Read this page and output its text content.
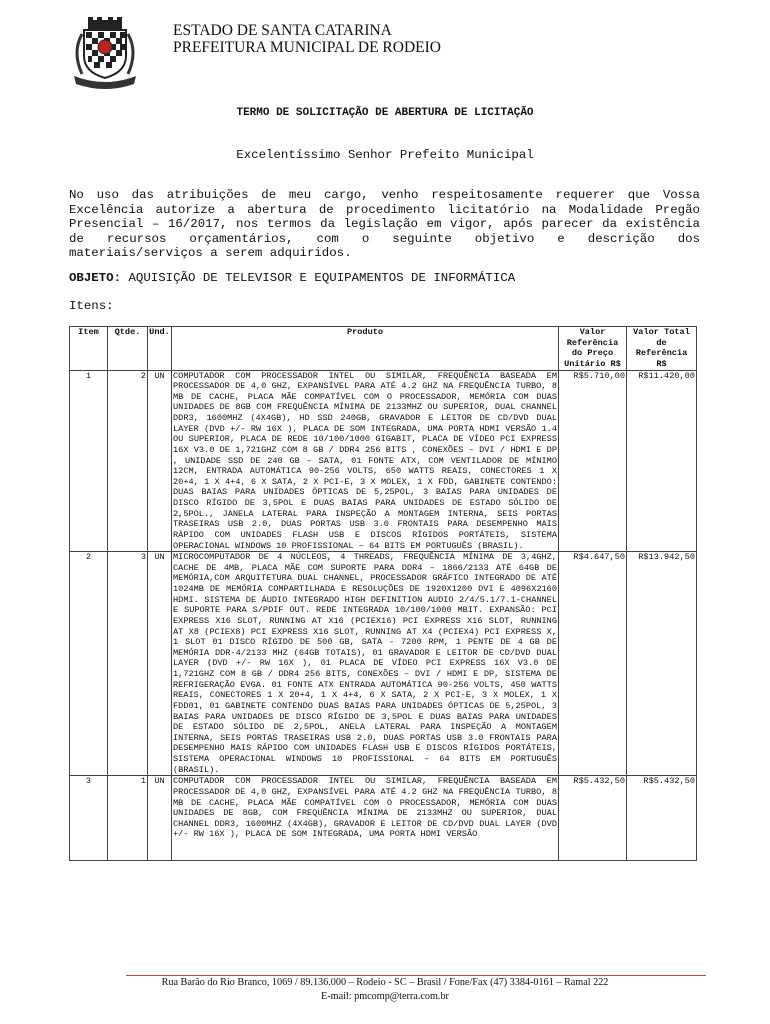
ESTADO DE SANTA CATARINA
PREFEITURA MUNICIPAL DE RODEIO
TERMO DE SOLICITAÇÃO DE ABERTURA DE LICITAÇÃO
Excelentíssimo Senhor Prefeito Municipal

No uso das atribuições de meu cargo, venho respeitosamente requerer que Vossa Excelência autorize a abertura de procedimento licitatório na Modalidade Pregão Presencial – 16/2017, nos termos da legislação em vigor, após parecer da existência de recursos orçamentários, com o seguinte objetivo e descrição dos materiais/serviços a serem adquiridos.

OBJETO: AQUISIÇÃO DE TELEVISOR E EQUIPAMENTOS DE INFORMÁTICA
Itens:
Item	Qtde.	Und.	Produto	Valor Referência do Preço Unitário R$	Valor Total de Referência R$
1	2	UN	COMPUTADOR COM PROCESSADOR INTEL OU SIMILAR, FREQUÊNCIA BASEADA EM PROCESSADOR DE 4,0 GHZ, EXPANSÍVEL PARA ATÉ 4.2 GHZ NA FREQUÊNCIA TURBO, 8 MB DE CACHE, PLACA MÃE COMPATÍVEL COM O PROCESSADOR, MEMÓRIA COM DUAS UNIDADES DE 8GB COM FREQUÊNCIA MÍNIMA DE 2133MHZ OU SUPERIOR, DUAL CHANNEL DDR3, 1600MHZ (4X4GB), HD SSD 240GB, GRAVADOR E LEITOR DE CD/DVD DUAL LAYER (DVD +/- RW 16X ), PLACA DE SOM INTEGRADA, UMA PORTA HDMI VERSÃO 1.4 OU SUPERIOR, PLACA DE REDE 10/100/1000 GIGABIT, PLACA DE VÍDEO PCI EXPRESS 16X V3.0 DE 1,721GHZ COM 8 GB / DDR4 256 BITS , CONEXÕES – DVI / HDMI E DP , UNIDADE SSD DE 240 GB – SATA, 01 FONTE ATX, COM VENTILADOR DE MÍNIMO 12CM, ENTRADA AUTOMÁTICA 90-256 VOLTS, 650 WATTS REAIS, CONECTORES 1 X 20+4, 1 X 4+4, 6 X SATA, 2 X PCI-E, 3 X MOLEX, 1 X FDD, GABINETE CONTENDO: DUAS BAIAS PARA UNIDADES ÓPTICAS DE 5,25POL, 3 BAIAS PARA UNIDADES DE DISCO RÍGIDO DE 3,5POL E DUAS BAIAS PARA UNIDADES DE ESTADO SÓLIDO DE 2,5POL., JANELA LATERAL PARA INSPEÇÃO A MONTAGEM INTERNA, SEIS PORTAS TRASEIRAS USB 2.0, DUAS PORTAS USB 3.0 FRONTAIS PARA DESEMPENHO MAIS RÁPIDO COM UNIDADES FLASH USB E DISCOS RÍGIDOS PORTÁTEIS, SISTEMA OPERACIONAL WINDOWS 10 PROFISSIONAL – 64 BITS EM PORTUGUÊS (BRASIL).	R$5.710,00	R$11.420,00
2	3	UN	MICROCOMPUTADOR DE 4 NÚCLEOS, 4 THREADS, FREQUÊNCIA MÍNIMA DE 3,4GHZ, CACHE DE 4MB, PLACA MÃE COM SUPORTE PARA DDR4 – 1866/2133 ATÉ 64GB DE MEMÓRIA,COM ARQUITETURA DUAL CHANNEL, PROCESSADOR GRÁFICO INTEGRADO DE ATÉ 1024MB DE MEMÓRIA COMPARTILHADA E RESOLUÇÕES DE 1920X1200 DVI E 4096X2160 HDMI. SISTEMA DE ÁUDIO INTEGRADO HIGH DEFINITION AUDIO 2/4/5.1/7.1-CHANNEL E SUPORTE PARA S/PDIF OUT. REDE INTEGRADA 10/100/1000 MBIT. EXPANSÃO: PCI EXPRESS X16 SLOT, RUNNING AT X16 (PCIEX16) PCI EXPRESS X16 SLOT, RUNNING AT X8 (PCIEX8) PCI EXPRESS X16 SLOT, RUNNING AT X4 (PCIEX4) PCI EXPRESS X, 1 SLOT 01 DISCO RÍGIDO DE 500 GB, SATA - 7200 RPM, 1 PENTE DE 4 GB DE MEMÓRIA DDR-4/2133 MHZ (64GB TOTAIS), 01 GRAVADOR E LEITOR DE CD/DVD DUAL LAYER (DVD +/- RW 16X ), 01 PLACA DE VÍDEO PCI EXPRESS 16X V3.0 DE 1,721GHZ COM 8 GB / DDR4 256 BITS, CONEXÕES – DVI / HDMI E DP, SISTEMA DE REFRIGERAÇÃO EVGA. 01 FONTE ATX ENTRADA AUTOMÁTICA 90-256 VOLTS, 450 WATTS REAIS, CONECTORES 1 X 20+4, 1 X 4+4, 6 X SATA, 2 X PCI-E, 3 X MOLEX, 1 X FDD01, 01 GABINETE CONTENDO DUAS BAIAS PARA UNIDADES ÓPTICAS DE 5,25POL, 3 BAIAS PARA UNIDADES DE DISCO RÍGIDO DE 3,5POL E DUAS BAIAS PARA UNIDADES DE ESTADO SÓLIDO DE 2,5POL, ANELA LATERAL PARA INSPEÇÃO A MONTAGEM INTERNA, SEIS PORTAS TRASEIRAS USB 2.0, DUAS PORTAS USB 3.0 FRONTAIS PARA DESEMPENHO MAIS RÁPIDO COM UNIDADES FLASH USB E DISCOS RÍGIDOS PORTÁTEIS, SISTEMA OPERACIONAL WINDOWS 10 PROFISSIONAL – 64 BITS EM PORTUGUÊS (BRASIL).	R$4.647,50	R$13.942,50
3	1	UN	COMPUTADOR COM PROCESSADOR INTEL OU SIMILAR, FREQUÊNCIA BASEADA EM PROCESSADOR DE 4,0 GHZ, EXPANSÍVEL PARA ATÉ 4.2 GHZ NA FREQUÊNCIA TURBO, 8 MB DE CACHE, PLACA MÃE COMPATÍVEL COM O PROCESSADOR, MEMÓRIA COM DUAS UNIDADES DE 8GB, COM FREQUÊNCIA MÍNIMA DE 2133MHZ OU SUPERIOR, DUAL CHANNEL DDR3, 1600MHZ (4X4GB), GRAVADOR E LEITOR DE CD/DVD DUAL LAYER (DVD +/- RW 16X ), PLACA DE SOM INTEGRADA, UMA PORTA HDMI VERSÃO	R$5.432,50	R$5.432,50
Rua Barão do Rio Branco, 1069 / 89.136.000 – Rodeio - SC – Brasil / Fone/Fax (47) 3384-0161 – Ramal 222
E-mail: pmcomp@terra.com.br
